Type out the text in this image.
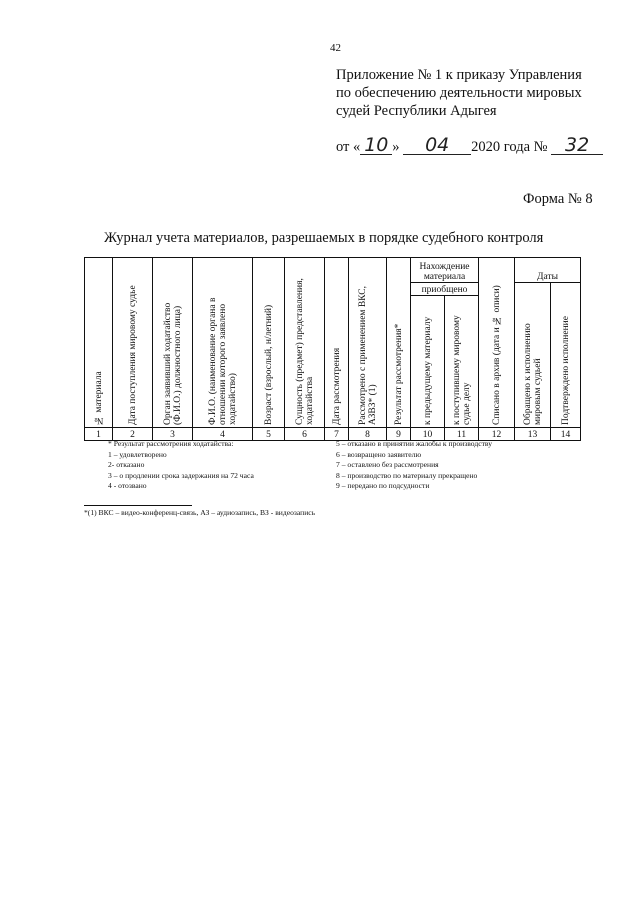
42
Приложение № 1 к приказу Управления
по обеспечению деятельности мировых
судей Республики Адыгея
от « 10 » 04 2020 года № 32
Форма № 8
Журнал учета материалов, разрешаемых в порядке судебного контроля
№ материала	Дата поступления мировому судье	Орган заявивший ходатайство (Ф.И.О.) должностного лица)	Ф.И.О. (наименование органа в отношении которого заявлено ходатайство)	Возраст (взрослый, н/летний)	Сущность (предмет) представления, ходатайства	Дата рассмотрения	Рассмотрено с применением ВКС, АЗВЗ* (1)	Результат рассмотрения*	Нахождение материала		Списано в архив (дата и № описи)	Даты	
									приобщено			Обращено к исполнению мировым судьей	Подтверждено исполнение

									к предыдущему материалу	к поступившему мировому судье делу			

1	2	3	4	5	6	7	8	9	10	11	12	13	14
* Результат рассмотрения ходатайства:
1 – удовлетворено
2- отказано
3 – о продлении срока задержания на 72 часа
4 - отозвано
5 – отказано в принятии жалобы к производству
6 – возвращено заявителю
7 – оставлено без рассмотрения
8 – производство по материалу прекращено
9 – передано по подсудности
*(1) ВКС – видео-конференц-связь, АЗ – аудиозапись, ВЗ - видеозапись
